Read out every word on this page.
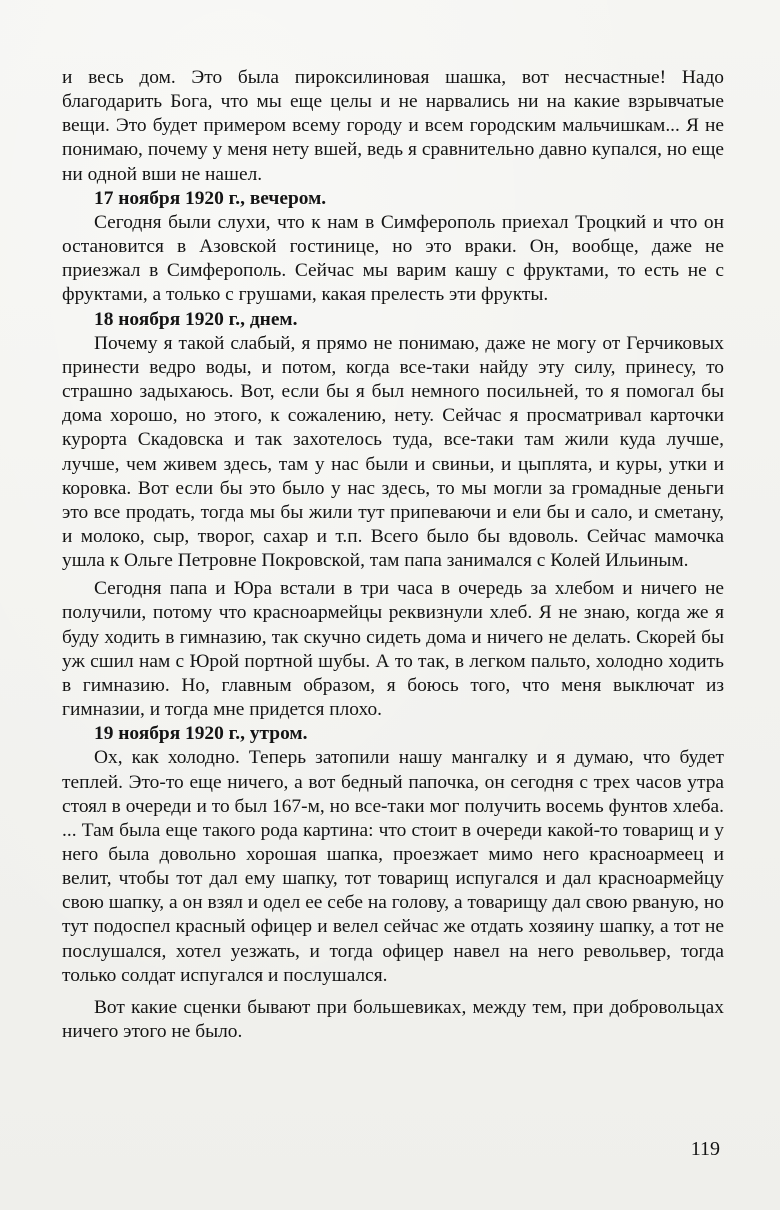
и весь дом. Это была пироксилиновая шашка, вот несчастные! Надо благодарить Бога, что мы еще целы и не нарвались ни на какие взрывчатые вещи. Это будет примером всему городу и всем городским мальчишкам... Я не понимаю, почему у меня нету вшей, ведь я сравнительно давно купался, но еще ни одной вши не нашел.

17 ноября 1920 г., вечером.

Сегодня были слухи, что к нам в Симферополь приехал Троцкий и что он остановится в Азовской гостинице, но это враки. Он, вообще, даже не приезжал в Симферополь. Сейчас мы варим кашу с фруктами, то есть не с фруктами, а только с грушами, какая прелесть эти фрукты.

18 ноября 1920 г., днем.

Почему я такой слабый, я прямо не понимаю, даже не могу от Герчиковых принести ведро воды, и потом, когда все-таки найду эту силу, принесу, то страшно задыхаюсь. Вот, если бы я был немного посильней, то я помогал бы дома хорошо, но этого, к сожалению, нету. Сейчас я просматривал карточки курорта Скадовска и так захотелось туда, все-таки там жили куда лучше, лучше, чем живем здесь, там у нас были и свиньи, и цыплята, и куры, утки и коровка. Вот если бы это было у нас здесь, то мы могли за громадные деньги это все продать, тогда мы бы жили тут припеваючи и ели бы и сало, и сметану, и молоко, сыр, творог, сахар и т.п. Всего было бы вдоволь. Сейчас мамочка ушла к Ольге Петровне Покровской, там папа занимался с Колей Ильиным.

Сегодня папа и Юра встали в три часа в очередь за хлебом и ничего не получили, потому что красноармейцы реквизнули хлеб. Я не знаю, когда же я буду ходить в гимназию, так скучно сидеть дома и ничего не делать. Скорей бы уж сшил нам с Юрой портной шубы. А то так, в легком пальто, холодно ходить в гимназию. Но, главным образом, я боюсь того, что меня выключат из гимназии, и тогда мне придется плохо.

19 ноября 1920 г., утром.

Ох, как холодно. Теперь затопили нашу мангалку и я думаю, что будет теплей. Это-то еще ничего, а вот бедный папочка, он сегодня с трех часов утра стоял в очереди и то был 167-м, но все-таки мог получить восемь фунтов хлеба. ... Там была еще такого рода картина: что стоит в очереди какой-то товарищ и у него была довольно хорошая шапка, проезжает мимо него красноармеец и велит, чтобы тот дал ему шапку, тот товарищ испугался и дал красноармейцу свою шапку, а он взял и одел ее себе на голову, а товарищу дал свою рваную, но тут подоспел красный офицер и велел сейчас же отдать хозяину шапку, а тот не послушался, хотел уезжать, и тогда офицер навел на него револьвер, тогда только солдат испугался и послушался.

Вот какие сценки бывают при большевиках, между тем, при добровольцах ничего этого не было.

119
